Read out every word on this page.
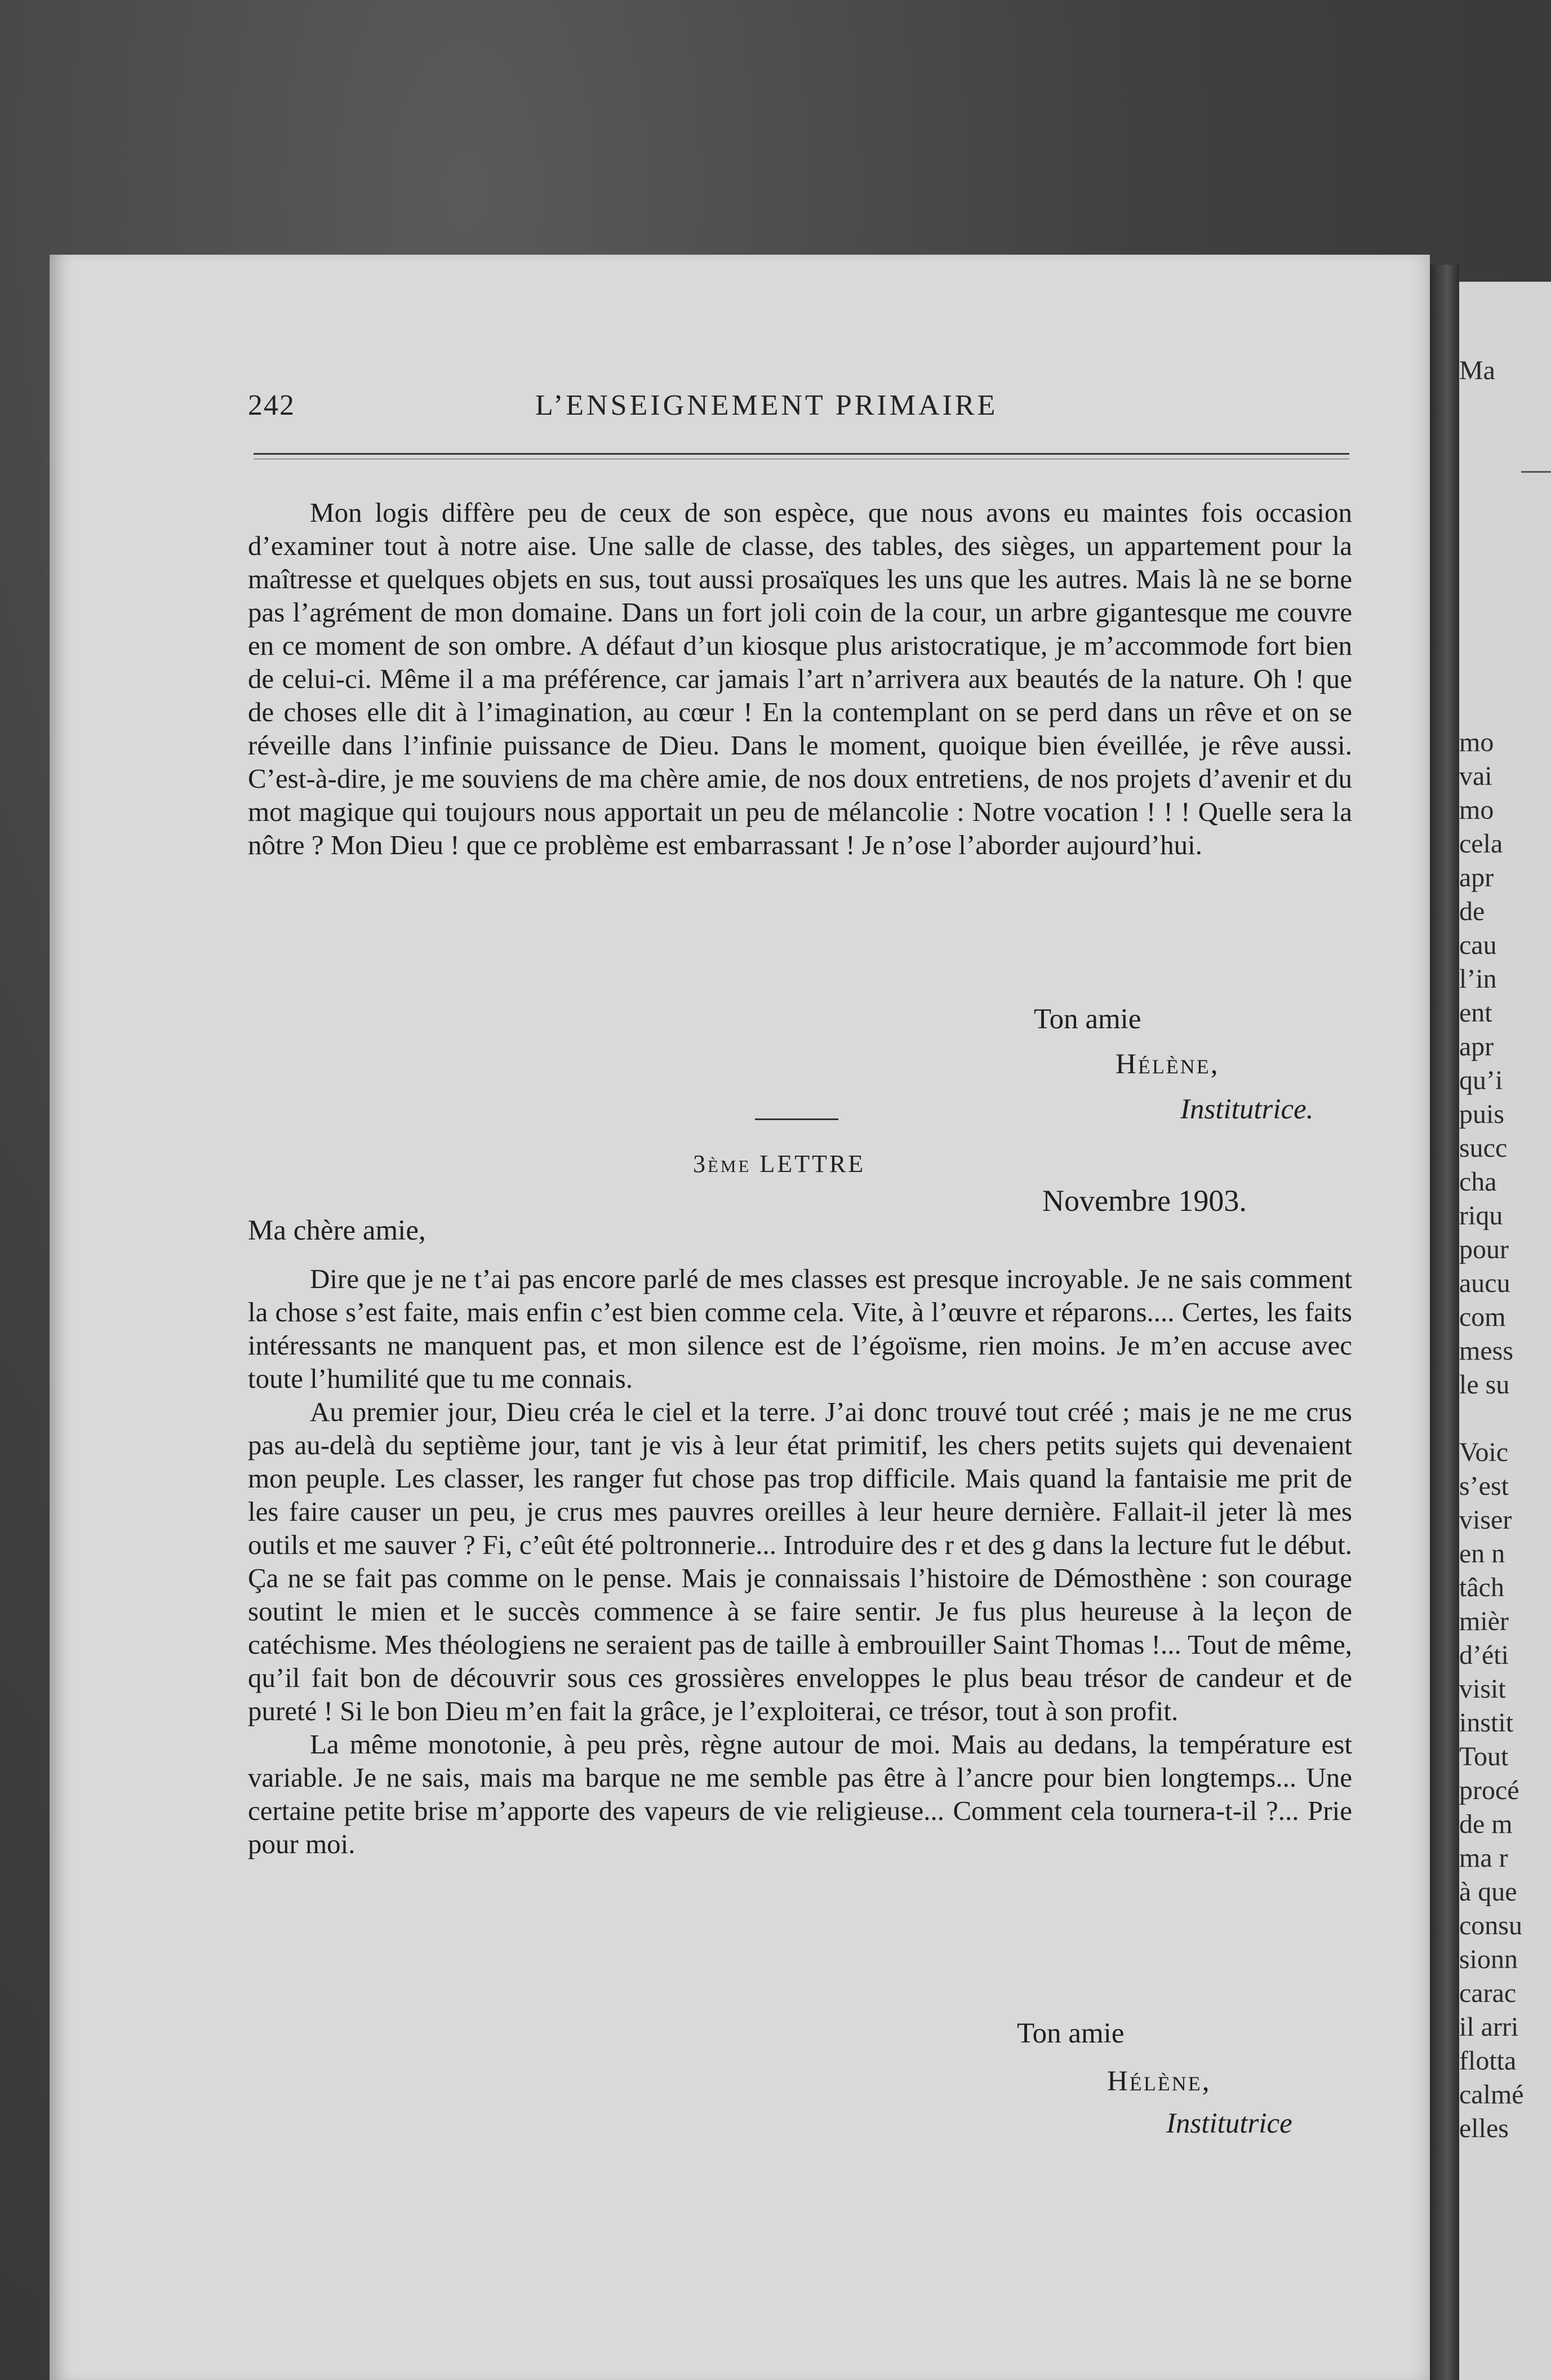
Ma
mo
vai
mo
cela
apr
de
cau
l’in
ent
apr
qu’i
puis
succ
cha
riqu
pour
aucu
com
mess
le su
Voic
s’est
viser
en n
tâch
mièr
d’éti
visit
instit
Tout
procé
de m
ma r
à que
consu
sionn
carac
il arri
flotta
calmé
elles
242	L’ENSEIGNEMENT PRIMAIRE

Mon logis diffère peu de ceux de son espèce, que nous avons eu maintes fois occasion d’examiner tout à notre aise. Une salle de classe, des tables, des sièges, un appartement pour la maîtresse et quelques objets en sus, tout aussi prosaïques les uns que les autres. Mais là ne se borne pas l’agrément de mon domaine. Dans un fort joli coin de la cour, un arbre gigantesque me couvre en ce moment de son ombre. A défaut d’un kiosque plus aristocratique, je m’accommode fort bien de celui-ci. Même il a ma préférence, car jamais l’art n’arrivera aux beautés de la nature. Oh ! que de choses elle dit à l’imagination, au cœur ! En la contemplant on se perd dans un rêve et on se réveille dans l’infinie puissance de Dieu. Dans le moment, quoique bien éveillée, je rêve aussi. C’est-à-dire, je me souviens de ma chère amie, de nos doux entretiens, de nos projets d’avenir et du mot magique qui toujours nous apportait un peu de mélancolie : Notre vocation ! ! ! Quelle sera la nôtre ? Mon Dieu ! que ce problème est embarrassant ! Je n’ose l’aborder aujourd’hui.

Ton amie
Hélène,
Institutrice.
3ème LETTRE
Novembre 1903.
Ma chère amie,

Dire que je ne t’ai pas encore parlé de mes classes est presque incroyable. Je ne sais comment la chose s’est faite, mais enfin c’est bien comme cela. Vite, à l’œuvre et réparons.... Certes, les faits intéressants ne manquent pas, et mon silence est de l’égoïsme, rien moins. Je m’en accuse avec toute l’humilité que tu me connais.

Au premier jour, Dieu créa le ciel et la terre. J’ai donc trouvé tout créé ; mais je ne me crus pas au-delà du septième jour, tant je vis à leur état primitif, les chers petits sujets qui devenaient mon peuple. Les classer, les ranger fut chose pas trop difficile. Mais quand la fantaisie me prit de les faire causer un peu, je crus mes pauvres oreilles à leur heure dernière. Fallait-il jeter là mes outils et me sauver ? Fi, c’eût été poltronnerie... Introduire des r et des g dans la lecture fut le début. Ça ne se fait pas comme on le pense. Mais je connaissais l’histoire de Démosthène : son courage soutint le mien et le succès commence à se faire sentir. Je fus plus heureuse à la leçon de catéchisme. Mes théologiens ne seraient pas de taille à embrouiller Saint Thomas !... Tout de même, qu’il fait bon de découvrir sous ces grossières enveloppes le plus beau trésor de candeur et de pureté ! Si le bon Dieu m’en fait la grâce, je l’exploiterai, ce trésor, tout à son profit.

La même monotonie, à peu près, règne autour de moi. Mais au dedans, la température est variable. Je ne sais, mais ma barque ne me semble pas être à l’ancre pour bien longtemps... Une certaine petite brise m’apporte des vapeurs de vie religieuse... Comment cela tournera-t-il ?... Prie pour moi.

Ton amie
Hélène,
Institutrice
